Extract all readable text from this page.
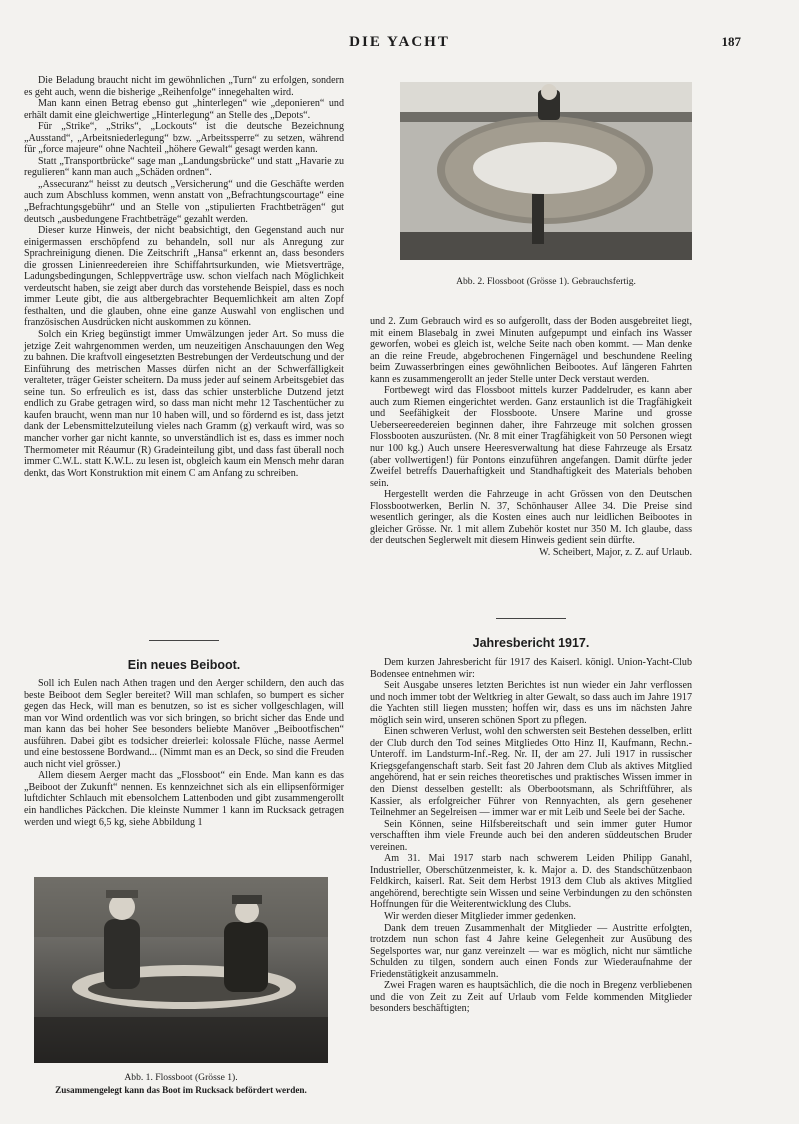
DIE YACHT	187

Die Beladung braucht nicht im gewöhnlichen „Turn“ zu erfolgen, sondern es geht auch, wenn die bisherige „Reihenfolge“ innegehalten wird.

Man kann einen Betrag ebenso gut „hinterlegen“ wie „deponieren“ und erhält damit eine gleichwertige „Hinterlegung“ an Stelle des „Depots“.

Für „Strike“, „Striks“, „Lockouts“ ist die deutsche Bezeichnung „Ausstand“, „Arbeitsniederlegung“ bzw. „Arbeitssperre“ zu setzen, während für „force majeure“ ohne Nachteil „höhere Gewalt“ gesagt werden kann.

Statt „Transportbrücke“ sage man „Landungsbrücke“ und statt „Havarie zu regulieren“ kann man auch „Schäden ordnen“.

„Assecuranz“ heisst zu deutsch „Versicherung“ und die Geschäfte werden auch zum Abschluss kommen, wenn anstatt von „Befrachtungscourtage“ eine „Befrachtungsgebühr“ und an Stelle von „stipulierten Frachtbeträgen“ gut deutsch „ausbedungene Frachtbeträge“ gezahlt werden.

Dieser kurze Hinweis, der nicht beabsichtigt, den Gegenstand auch nur einigermassen erschöpfend zu behandeln, soll nur als Anregung zur Sprachreinigung dienen. Die Zeitschrift „Hansa“ erkennt an, dass besonders die grossen Linienreedereien ihre Schiffahrtsurkunden, wie Mietsverträge, Ladungsbedingungen, Schleppverträge usw. schon vielfach nach Möglichkeit verdeutscht haben, sie zeigt aber durch das vorstehende Beispiel, dass es noch immer Leute gibt, die aus altbergebrachter Bequemlichkeit am alten Zopf festhalten, und die glauben, ohne eine ganze Auswahl von englischen und französischen Ausdrücken nicht auskommen zu können.

Solch ein Krieg begünstigt immer Umwälzungen jeder Art. So muss die jetzige Zeit wahrgenommen werden, um neuzeitigen Anschauungen den Weg zu bahnen. Die kraftvoll eingesetzten Bestrebungen der Verdeutschung und der Einführung des metrischen Masses dürfen nicht an der Schwerfälligkeit veralteter, träger Geister scheitern. Da muss jeder auf seinem Arbeitsgebiet das seine tun. So erfreulich es ist, dass das schier unsterbliche Dutzend jetzt endlich zu Grabe getragen wird, so dass man nicht mehr 12 Taschentücher zu kaufen braucht, wenn man nur 10 haben will, und so fördernd es ist, dass jetzt dank der Lebensmittelzuteilung vieles nach Gramm (g) verkauft wird, was so mancher vorher gar nicht kannte, so unverständlich ist es, dass es immer noch Thermometer mit Réaumur (R) Gradeinteilung gibt, und dass fast überall noch immer C.W.L. statt K.W.L. zu lesen ist, obgleich kaum ein Mensch mehr daran denkt, das Wort Konstruktion mit einem C am Anfang zu schreiben.

Ein neues Beiboot.

Soll ich Eulen nach Athen tragen und den Aerger schildern, den auch das beste Beiboot dem Segler bereitet? Will man schlafen, so bumpert es sicher gegen das Heck, will man es benutzen, so ist es sicher vollgeschlagen, will man vor Wind ordentlich was vor sich bringen, so bricht sicher das Ende und man kann das bei hoher See besonders beliebte Manöver „Beibootfischen“ ausführen. Dabei gibt es todsicher dreierlei: kolossale Flüche, nasse Aermel und eine bestossene Bordwand... (Nimmt man es an Deck, so sind die Freuden auch nicht viel grösser.)

Allem diesem Aerger macht das „Flossboot“ ein Ende. Man kann es das „Beiboot der Zukunft“ nennen. Es kennzeichnet sich als ein ellipsenförmiger luftdichter Schlauch mit ebensolchem Lattenboden und gibt zusammengerollt ein handliches Päckchen. Die kleinste Nummer 1 kann im Rucksack getragen werden und wiegt 6,5 kg, siehe Abbildung 1

Abb. 1. Flossboot (Grösse 1).
Zusammengelegt kann das Boot im Rucksack befördert werden.
Abb. 2. Flossboot (Grösse 1). Gebrauchsfertig.

und 2. Zum Gebrauch wird es so aufgerollt, dass der Boden ausgebreitet liegt, mit einem Blasebalg in zwei Minuten aufgepumpt und einfach ins Wasser geworfen, wobei es gleich ist, welche Seite nach oben kommt. — Man denke an die reine Freude, abgebrochenen Fingernägel und beschundene Reeling beim Zuwasserbringen eines gewöhnlichen Beibootes. Auf längeren Fahrten kann es zusammengerollt an jeder Stelle unter Deck verstaut werden.

Fortbewegt wird das Flossboot mittels kurzer Paddelruder, es kann aber auch zum Riemen eingerichtet werden. Ganz erstaunlich ist die Tragfähigkeit und Seefähigkeit der Flossboote. Unsere Marine und grosse Ueberseereedereien beginnen daher, ihre Fahrzeuge mit solchen grossen Flossbooten auszurüsten. (Nr. 8 mit einer Tragfähigkeit von 50 Personen wiegt nur 100 kg.) Auch unsere Heeresverwaltung hat diese Fahrzeuge als Ersatz (aber vollwertigen!) für Pontons einzuführen angefangen. Damit dürfte jeder Zweifel betreffs Dauerhaftigkeit und Standhaftigkeit des Materials behoben sein.

Hergestellt werden die Fahrzeuge in acht Grössen von den Deutschen Flossbootwerken, Berlin N. 37, Schönhauser Allee 34. Die Preise sind wesentlich geringer, als die Kosten eines auch nur leidlichen Beibootes in gleicher Grösse. Nr. 1 mit allem Zubehör kostet nur 350 M. Ich glaube, dass der deutschen Seglerwelt mit diesem Hinweis gedient sein dürfte.

W. Scheibert, Major, z. Z. auf Urlaub.
Jahresbericht 1917.

Dem kurzen Jahresbericht für 1917 des Kaiserl. königl. Union-Yacht-Club Bodensee entnehmen wir:

Seit Ausgabe unseres letzten Berichtes ist nun wieder ein Jahr verflossen und noch immer tobt der Weltkrieg in alter Gewalt, so dass auch im Jahre 1917 die Yachten still liegen mussten; hoffen wir, dass es uns im nächsten Jahre möglich sein wird, unseren schönen Sport zu pflegen.

Einen schweren Verlust, wohl den schwersten seit Bestehen desselben, erlitt der Club durch den Tod seines Mitgliedes Otto Hinz II, Kaufmann, Rechn.-Unteroff. im Landsturm-Inf.-Reg. Nr. II, der am 27. Juli 1917 in russischer Kriegsgefangenschaft starb. Seit fast 20 Jahren dem Club als aktives Mitglied angehörend, hat er sein reiches theoretisches und praktisches Wissen immer in den Dienst desselben gestellt: als Oberbootsmann, als Schriftführer, als Kassier, als erfolgreicher Führer von Rennyachten, als gern gesehener Teilnehmer an Segelreisen — immer war er mit Leib und Seele bei der Sache.

Sein Können, seine Hilfsbereitschaft und sein immer guter Humor verschafften ihm viele Freunde auch bei den anderen süddeutschen Bruder vereinen.

Am 31. Mai 1917 starb nach schwerem Leiden Philipp Ganahl, Industrieller, Oberschützenmeister, k. k. Major a. D. des Standschützenbaon Feldkirch, kaiserl. Rat. Seit dem Herbst 1913 dem Club als aktives Mitglied angehörend, berechtigte sein Wissen und seine Verbindungen zu den schönsten Hoffnungen für die Weiterentwicklung des Clubs.

Wir werden dieser Mitglieder immer gedenken.

Dank dem treuen Zusammenhalt der Mitglieder — Austritte erfolgten, trotzdem nun schon fast 4 Jahre keine Gelegenheit zur Ausübung des Segelsportes war, nur ganz vereinzelt — war es möglich, nicht nur sämtliche Schulden zu tilgen, sondern auch einen Fonds zur Wiederaufnahme der Friedenstätigkeit anzusammeln.

Zwei Fragen waren es hauptsächlich, die die noch in Bregenz verbliebenen und die von Zeit zu Zeit auf Urlaub vom Felde kommenden Mitglieder besonders beschäftigten;
